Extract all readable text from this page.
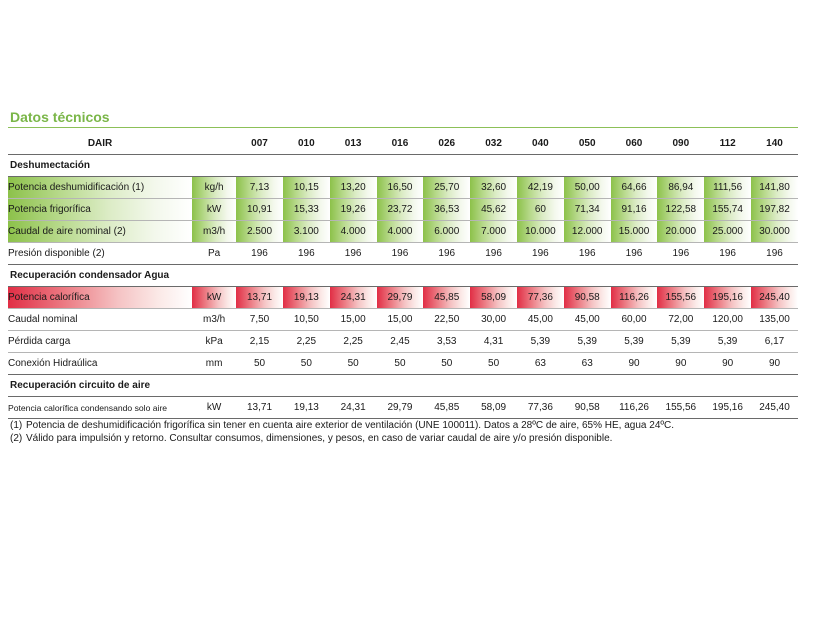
Datos técnicos
DAIR		007	010	013	016	026	032	040	050	060	090	112	140
Deshumectación													
Potencia deshumidificación (1)	kg/h	7,13	10,15	13,20	16,50	25,70	32,60	42,19	50,00	64,66	86,94	111,56	141,80
Potencia frigorífica	kW	10,91	15,33	19,26	23,72	36,53	45,62	60	71,34	91,16	122,58	155,74	197,82
Caudal de aire nominal (2)	m3/h	2.500	3.100	4.000	4.000	6.000	7.000	10.000	12.000	15.000	20.000	25.000	30.000
Presión disponible (2)	Pa	196	196	196	196	196	196	196	196	196	196	196	196
Recuperación condensador Agua													
Potencia calorífica	kW	13,71	19,13	24,31	29,79	45,85	58,09	77,36	90,58	116,26	155,56	195,16	245,40
Caudal nominal	m3/h	7,50	10,50	15,00	15,00	22,50	30,00	45,00	45,00	60,00	72,00	120,00	135,00
Pérdida carga	kPa	2,15	2,25	2,25	2,45	3,53	4,31	5,39	5,39	5,39	5,39	5,39	6,17
Conexión Hidraúlica	mm	50	50	50	50	50	50	63	63	90	90	90	90
Recuperación circuito de aire													
Potencia calorífica condensando solo aire	kW	13,71	19,13	24,31	29,79	45,85	58,09	77,36	90,58	116,26	155,56	195,16	245,40
(1) Potencia de deshumidificación frigorífica sin tener en cuenta aire exterior de ventilación (UNE 100011). Datos a 28ºC de aire, 65% HE, agua 24ºC.
(2) Válido para impulsión y retorno. Consultar consumos, dimensiones, y pesos, en caso de variar caudal de aire y/o presión disponible.
